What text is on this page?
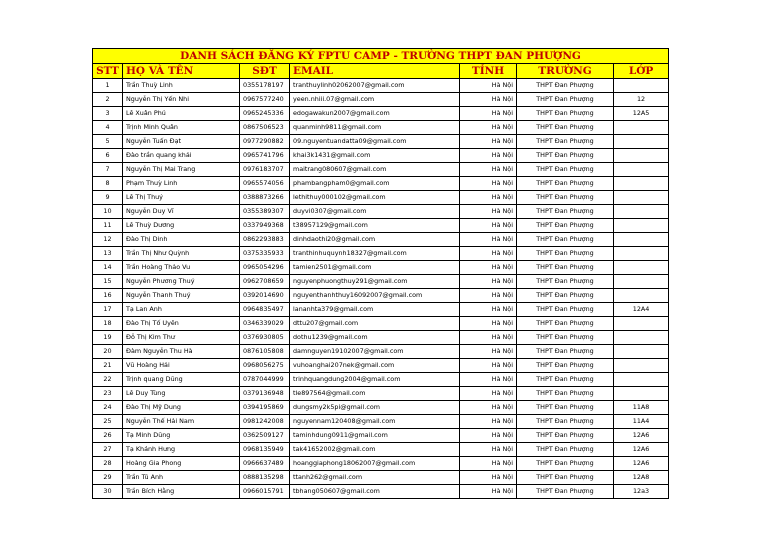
DANH SÁCH ĐĂNG KÝ FPTU CAMP - TRƯỜNG THPT ĐAN PHƯỢNG						
STT	HỌ VÀ TÊN	SĐT	EMAIL	TỈNH	TRƯỜNG	LỚP
1	Trần Thuỳ Linh	0355178197	tranthuylinh02062007@gmail.com	Hà Nội	THPT Đan Phượng	
2	Nguyễn Thị Yến Nhi	0967577240	yeen.nhiii.07@gmail.com	Hà Nội	THPT Đan Phượng	12
3	Lê Xuân Phú	0965245336	edogawakun2007@gmail.com	Hà Nội	THPT Đan Phượng	12A5
4	Trịnh Minh Quân	0867506523	quanminh9811@gmail.com	Hà Nội	THPT Đan Phượng	
5	Nguyễn Tuấn Đạt	0977290882	09.nguyentuandatta09@gmail.com	Hà Nội	THPT Đan Phượng	
6	Đào trần quang khải	0965741796	khai3k1431@gmail.com	Hà Nội	THPT Đan Phượng	
7	Nguyễn Thị Mai Trang	0976183707	maitrang080607@gmail.com	Hà Nội	THPT Đan Phượng	
8	Phạm Thuỳ Linh	0965574056	phambangpham0@gmail.com	Hà Nội	THPT Đan Phượng	
9	Lê Thị Thuý	0388873266	lethithuy000102@gmail.com	Hà Nội	THPT Đan Phượng	
10	Nguyễn Duy Vĩ	0355389307	duyvi0307@gmail.com	Hà Nội	THPT Đan Phượng	
11	Lê Thuỳ Dương	0337949368	t38957129@gmail.com	Hà Nội	THPT Đan Phượng	
12	Đào Thị Dinh	0862293883	dinhdaothi20@gmail.com	Hà Nội	THPT Đan Phượng	
13	Trần Thị Như Quỳnh	0375335933	tranthinhuquynh18327@gmail.com	Hà Nội	THPT Đan Phượng	
14	Trần Hoàng Thảo Vu	0965054296	tamien2501@gmail.com	Hà Nội	THPT Đan Phượng	
15	Nguyễn Phương Thuý	0962708659	nguyenphuongthuy291@gmail.com	Hà Nội	THPT Đan Phượng	
16	Nguyễn Thanh Thuý	0392014690	nguyenthanhthuy16092007@gmail.com	Hà Nội	THPT Đan Phượng	
17	Tạ Lan Anh	0964835497	lananhta379@gmail.com	Hà Nội	THPT Đan Phượng	12A4
18	Đào Thị Tố Uyên	0346339029	dttu207@gmail.com	Hà Nội	THPT Đan Phượng	
19	Đỗ Thị Kim Thư	0376930805	dothu1239@gmail.com	Hà Nội	THPT Đan Phượng	
20	Đàm Nguyễn Thu Hà	0876105808	damnguyen19102007@gmail.com	Hà Nội	THPT Đan Phượng	
21	Vũ Hoàng Hải	0968056275	vuhoanghai207nek@gmail.com	Hà Nội	THPT Đan Phượng	
22	Trịnh quang Dũng	0787044999	trinhquangdung2004@gmail.com	Hà Nội	THPT Đan Phượng	
23	Lê Duy Tùng	0379136948	tle897564@gmail.com	Hà Nội	THPT Đan Phượng	
24	Đào Thị Mỹ Dung	0394195869	dungsmy2k5pi@gmail.com	Hà Nội	THPT Đan Phượng	11A8
25	Nguyễn Thế Hải Nam	0981242008	nguyennam120408@gmail.com	Hà Nội	THPT Đan Phượng	11A4
26	Tạ Minh Dũng	0362509127	taminhdung0911@gmail.com	Hà Nội	THPT Đan Phượng	12A6
27	Tạ Khánh Hưng	0968135949	tak41652002@gmail.com	Hà Nội	THPT Đan Phượng	12A6
28	Hoàng Gia Phong	0966637489	hoanggiaphong18062007@gmail.com	Hà Nội	THPT Đan Phượng	12A6
29	Trần Tú Anh	0888135298	ttanh262@gmail.com	Hà Nội	THPT Đan Phượng	12A8
30	Trần Bích Hằng	0966015791	tbhang050607@gmail.com	Hà Nội	THPT Đan Phượng	12a3
